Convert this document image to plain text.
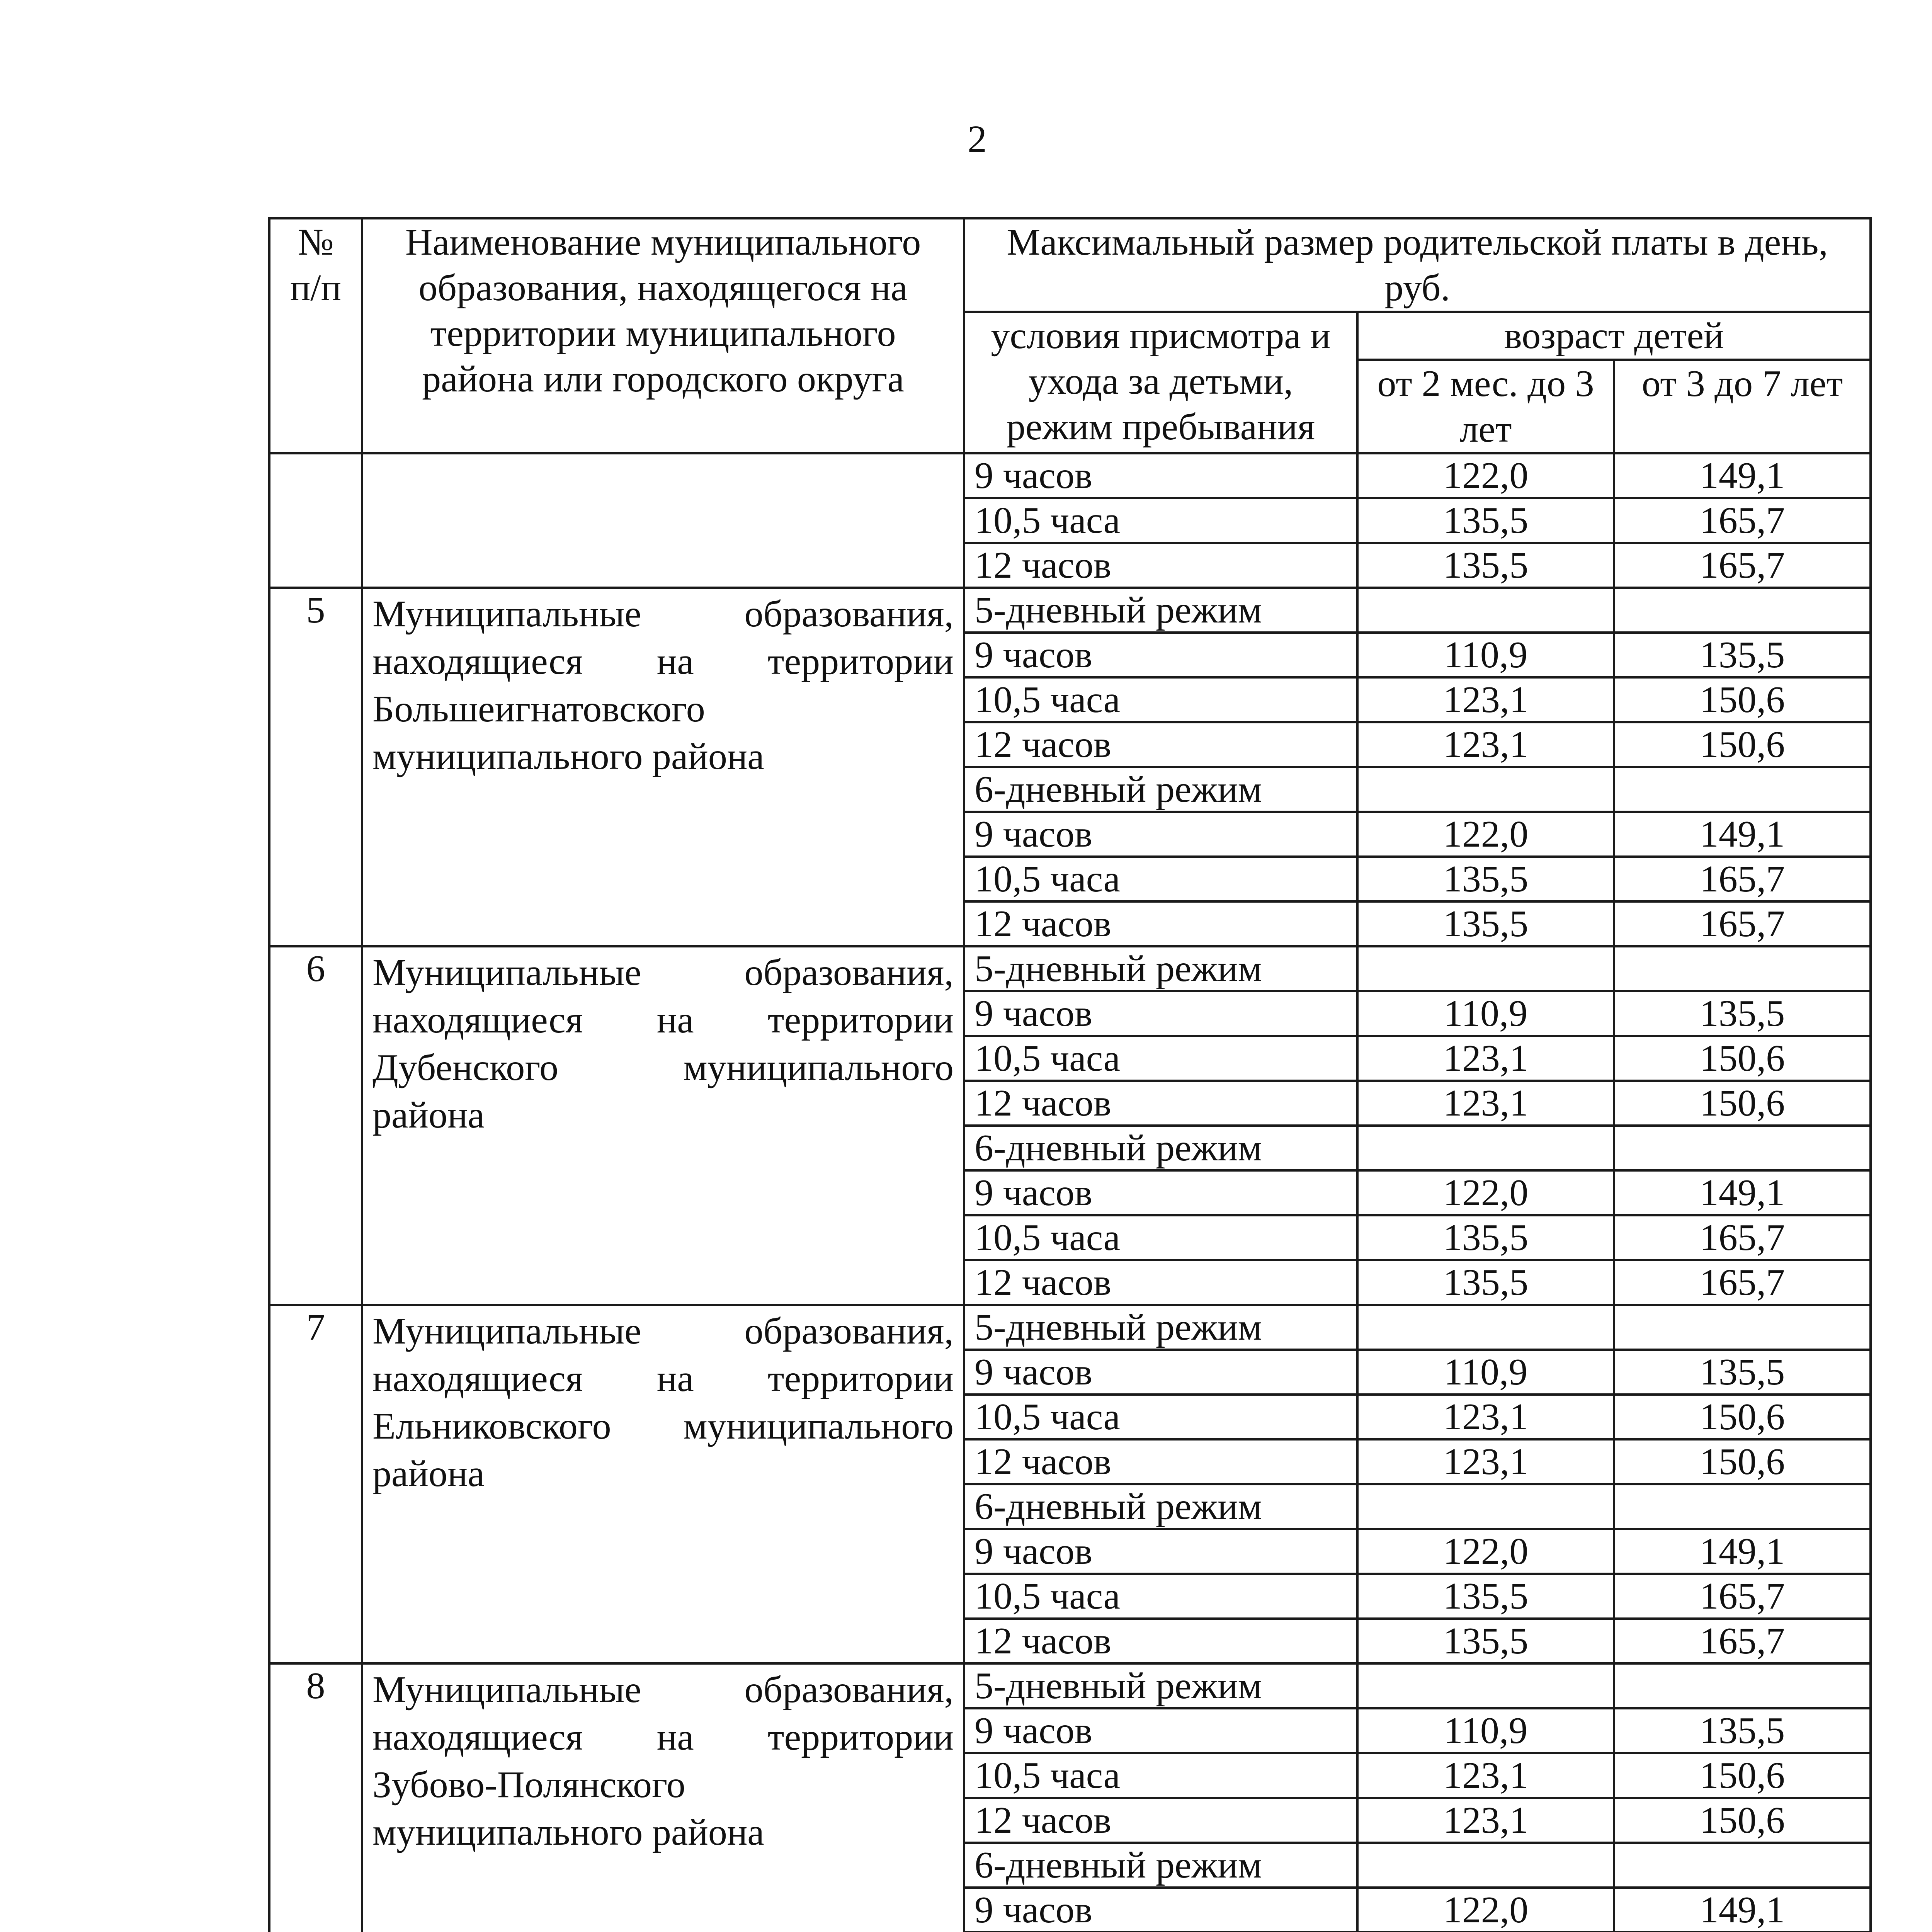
2
№ п/п	Наименование муниципального образования, находящегося на территории муниципального района или городского округа	Максимальный размер родительской платы в день, руб.		
		условия присмотра и ухода за детьми, режим пребывания	возраст детей	
			от 2 мес. до 3 лет	от 3 до 7 лет

		9 часов	122,0	149,1
		10,5 часа	135,5	165,7
		12 часов	135,5	165,7
5	Муниципальные образования, находящиеся на территории Большеигнатовского муниципального района	5-дневный режим		
		9 часов	110,9	135,5
		10,5 часа	123,1	150,6
		12 часов	123,1	150,6
		6-дневный режим		
		9 часов	122,0	149,1
		10,5 часа	135,5	165,7
		12 часов	135,5	165,7
6	Муниципальные образования, находящиеся на территории Дубенского муниципального района	5-дневный режим		
		9 часов	110,9	135,5
		10,5 часа	123,1	150,6
		12 часов	123,1	150,6
		6-дневный режим		
		9 часов	122,0	149,1
		10,5 часа	135,5	165,7
		12 часов	135,5	165,7
7	Муниципальные образования, находящиеся на территории Ельниковского муниципального района	5-дневный режим		
		9 часов	110,9	135,5
		10,5 часа	123,1	150,6
		12 часов	123,1	150,6
		6-дневный режим		
		9 часов	122,0	149,1
		10,5 часа	135,5	165,7
		12 часов	135,5	165,7
8	Муниципальные образования, находящиеся на территории Зубово-Полянского муниципального района	5-дневный режим		
		9 часов	110,9	135,5
		10,5 часа	123,1	150,6
		12 часов	123,1	150,6
		6-дневный режим		
		9 часов	122,0	149,1
